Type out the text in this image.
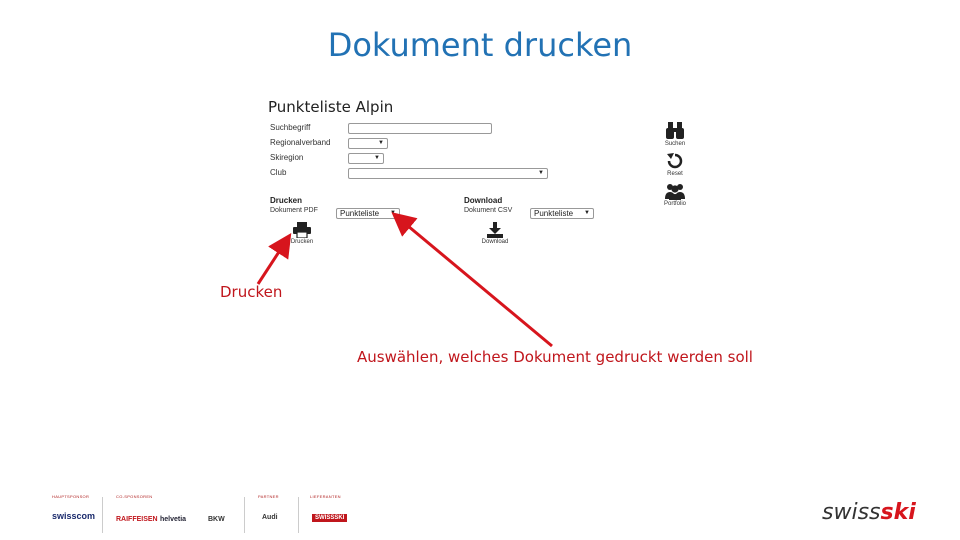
Dokument drucken
Punkteliste Alpin
Suchbegriff
Regionalverband	▼
Skiregion	▼
Club	▼
Drucken
Dokument PDF	Punkteliste ▼
Drucken
Download
Dokument CSV	Punkteliste ▼
Download
Suchen
Reset
Portfolio
Drucken
Auswählen, welches Dokument gedruckt werden soll
HAUPTSPONSOR
swisscom
CO-SPONSOREN
RAIFFEISEN helvetia	BKW
PARTNER
Audi
LIEFERANTEN
SWISSSKI	swissski
